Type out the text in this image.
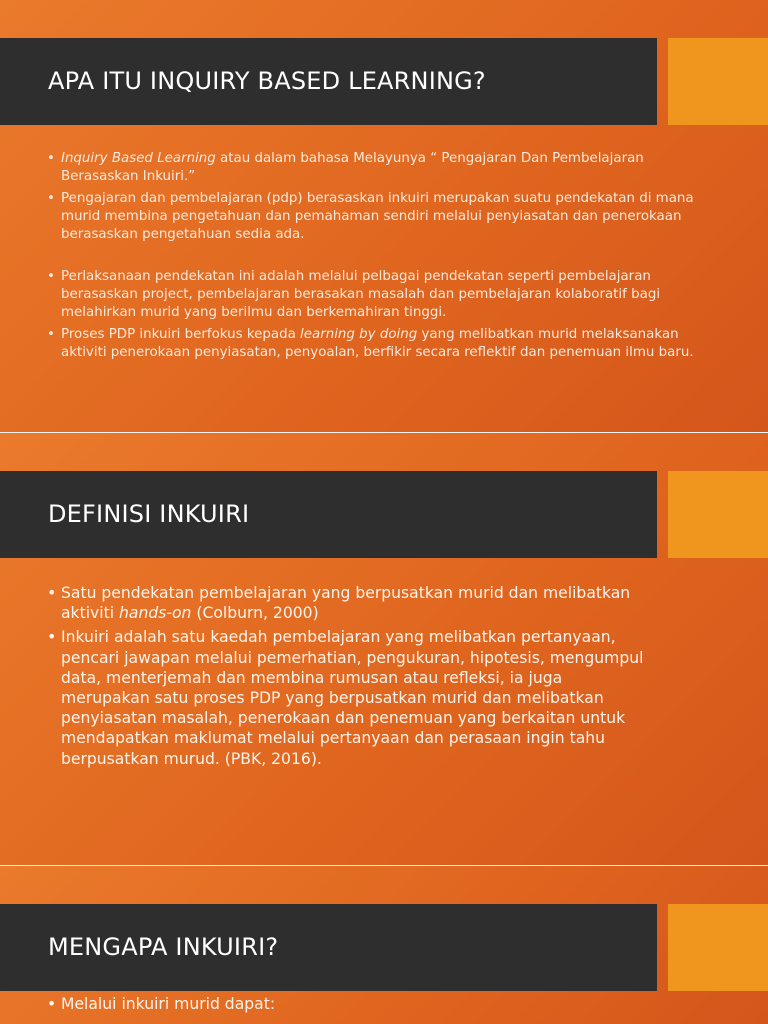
APA ITU INQUIRY BASED LEARNING?
• Inquiry Based Learning atau dalam bahasa Melayunya “ Pengajaran Dan Pembelajaran Berasaskan Inkuiri.”
• Pengajaran dan pembelajaran (pdp) berasaskan inkuiri merupakan suatu pendekatan di mana murid membina pengetahuan dan pemahaman sendiri melalui penyiasatan dan penerokaan berasaskan pengetahuan sedia ada.
• Perlaksanaan pendekatan ini adalah melalui pelbagai pendekatan seperti pembelajaran berasaskan project, pembelajaran berasakan masalah dan pembelajaran kolaboratif bagi melahirkan murid yang berilmu dan berkemahiran tinggi.
• Proses PDP inkuiri berfokus kepada learning by doing yang melibatkan murid melaksanakan aktiviti penerokaan penyiasatan, penyoalan, berfikir secara reflektif dan penemuan ilmu baru.
DEFINISI INKUIRI
• Satu pendekatan pembelajaran yang berpusatkan murid dan melibatkan aktiviti hands-on (Colburn, 2000)
• Inkuiri adalah satu kaedah pembelajaran yang melibatkan pertanyaan, pencari jawapan melalui pemerhatian, pengukuran, hipotesis, mengumpul data, menterjemah dan membina rumusan atau refleksi, ia juga merupakan satu proses PDP yang berpusatkan murid dan melibatkan penyiasatan masalah, penerokaan dan penemuan yang berkaitan untuk mendapatkan maklumat melalui pertanyaan dan perasaan ingin tahu berpusatkan murud. (PBK, 2016).
MENGAPA INKUIRI?
• Melalui inkuiri murid dapat:
